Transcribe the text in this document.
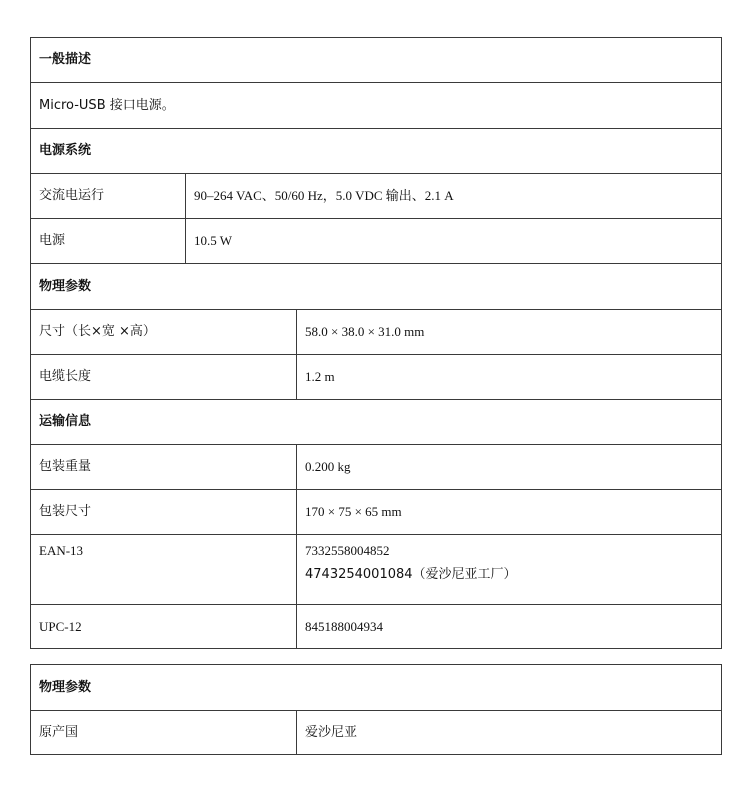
一般描述
Micro-USB 接口电源。
电源系统
交流电运行	90–264 VAC、50/60 Hz，5.0 VDC 输出、2.1 A
电源	10.5 W
物理参数
尺寸（长×宽 ×高）	58.0 × 38.0 × 31.0 mm
电缆长度	1.2 m
运输信息
包装重量	0.200 kg
包装尺寸	170 × 75 × 65 mm
EAN-13	7332558004852
4743254001084（爱沙尼亚工厂）
UPC-12	845188004934
物理参数
原产国	爱沙尼亚
